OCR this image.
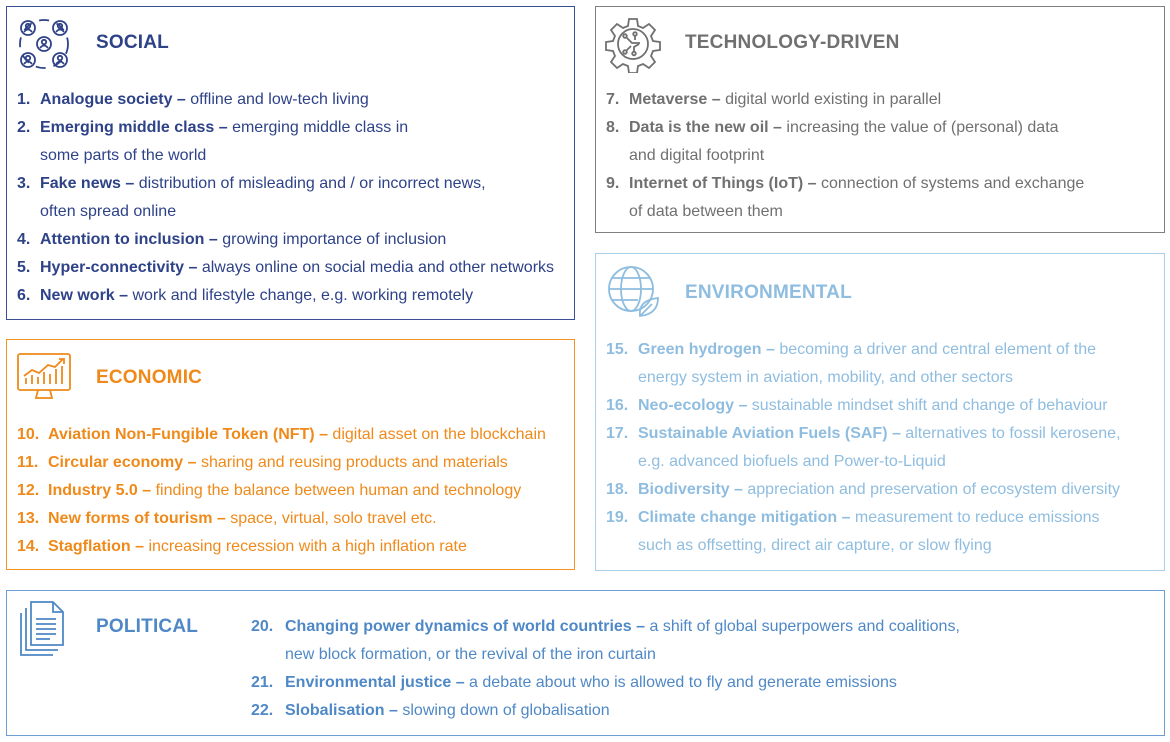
SOCIAL
1. Analogue society – offline and low-tech living
2. Emerging middle class – emerging middle class in
some parts of the world
3. Fake news – distribution of misleading and / or incorrect news,
often spread online
4. Attention to inclusion – growing importance of inclusion
5. Hyper-connectivity – always online on social media and other networks
6. New work – work and lifestyle change, e.g. working remotely
TECHNOLOGY-DRIVEN
7. Metaverse – digital world existing in parallel
8. Data is the new oil – increasing the value of (personal) data
and digital footprint
9. Internet of Things (IoT) – connection of systems and exchange
of data between them
ENVIRONMENTAL
15. Green hydrogen – becoming a driver and central element of the
energy system in aviation, mobility, and other sectors
16. Neo-ecology – sustainable mindset shift and change of behaviour
17. Sustainable Aviation Fuels (SAF) – alternatives to fossil kerosene,
e.g. advanced biofuels and Power-to-Liquid
18. Biodiversity – appreciation and preservation of ecosystem diversity
19. Climate change mitigation – measurement to reduce emissions
such as offsetting, direct air capture, or slow flying
ECONOMIC
10. Aviation Non-Fungible Token (NFT) – digital asset on the blockchain
11. Circular economy – sharing and reusing products and materials
12. Industry 5.0 – finding the balance between human and technology
13. New forms of tourism – space, virtual, solo travel etc.
14. Stagflation – increasing recession with a high inflation rate
POLITICAL	20. Changing power dynamics of world countries – a shift of global superpowers and coalitions,
new block formation, or the revival of the iron curtain
21. Environmental justice – a debate about who is allowed to fly and generate emissions
22. Slobalisation – slowing down of globalisation
